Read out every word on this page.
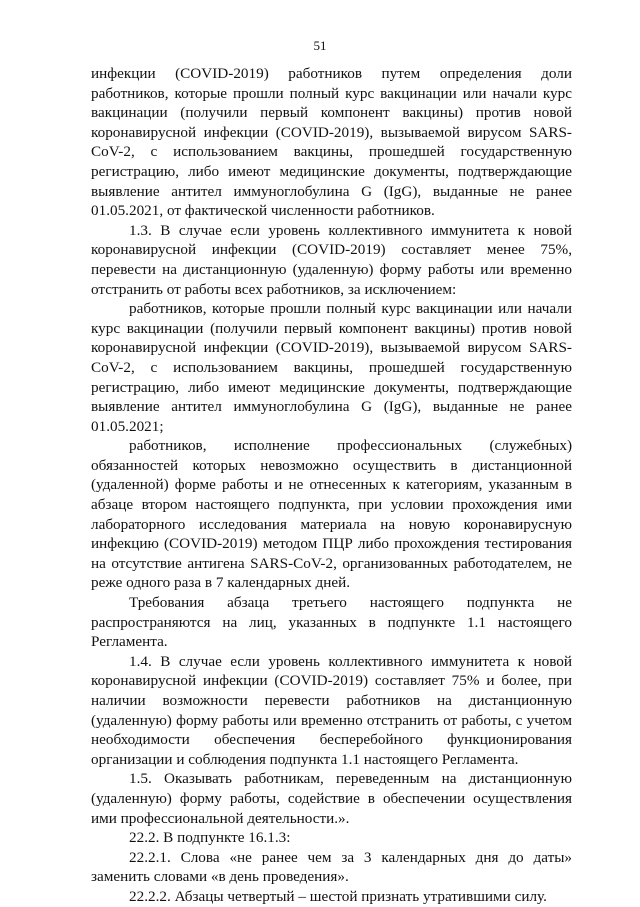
51

инфекции (COVID-2019) работников путем определения доли работников, которые прошли полный курс вакцинации или начали курс вакцинации (получили первый компонент вакцины) против новой коронавирусной инфекции (COVID-2019), вызываемой вирусом SARS-CoV-2, с использованием вакцины, прошедшей государственную регистрацию, либо имеют медицинские документы, подтверждающие выявление антител иммуноглобулина G (IgG), выданные не ранее 01.05.2021, от фактической численности работников.

1.3. В случае если уровень коллективного иммунитета к новой коронавирусной инфекции (COVID-2019) составляет менее 75%, перевести на дистанционную (удаленную) форму работы или временно отстранить от работы всех работников, за исключением:

работников, которые прошли полный курс вакцинации или начали курс вакцинации (получили первый компонент вакцины) против новой коронавирусной инфекции (COVID-2019), вызываемой вирусом SARS-CoV-2, с использованием вакцины, прошедшей государственную регистрацию, либо имеют медицинские документы, подтверждающие выявление антител иммуноглобулина G (IgG), выданные не ранее 01.05.2021;

работников, исполнение профессиональных (служебных) обязанностей которых невозможно осуществить в дистанционной (удаленной) форме работы и не отнесенных к категориям, указанным в абзаце втором настоящего подпункта, при условии прохождения ими лабораторного исследования материала на новую коронавирусную инфекцию (COVID-2019) методом ПЦР либо прохождения тестирования на отсутствие антигена SARS-CoV-2, организованных работодателем, не реже одного раза в 7 календарных дней.

Требования абзаца третьего настоящего подпункта не распространяются на лиц, указанных в подпункте 1.1 настоящего Регламента.

1.4. В случае если уровень коллективного иммунитета к новой коронавирусной инфекции (COVID-2019) составляет 75% и более, при наличии возможности перевести работников на дистанционную (удаленную) форму работы или временно отстранить от работы, с учетом необходимости обеспечения бесперебойного функционирования организации и соблюдения подпункта 1.1 настоящего Регламента.

1.5. Оказывать работникам, переведенным на дистанционную (удаленную) форму работы, содействие в обеспечении осуществления ими профессиональной деятельности.».

22.2. В подпункте 16.1.3:

22.2.1. Слова «не ранее чем за 3 календарных дня до даты» заменить словами «в день проведения».

22.2.2. Абзацы четвертый – шестой признать утратившими силу.
